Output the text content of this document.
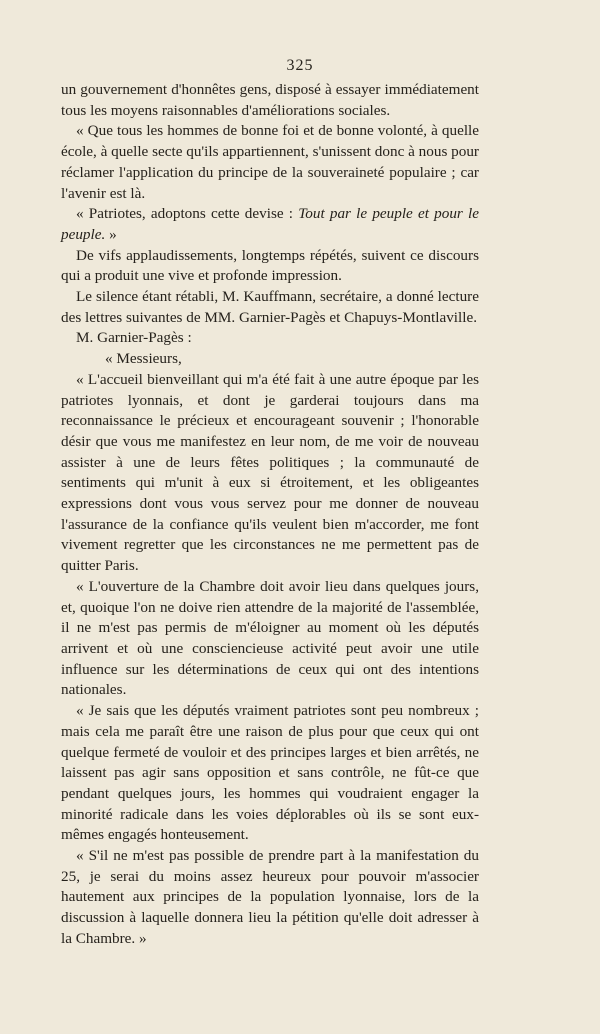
325

un gouvernement d'honnêtes gens, disposé à essayer immédiatement tous les moyens raisonnables d'améliorations sociales.

« Que tous les hommes de bonne foi et de bonne volonté, à quelle école, à quelle secte qu'ils appartiennent, s'unissent donc à nous pour réclamer l'application du principe de la souveraineté populaire ; car l'avenir est là.

« Patriotes, adoptons cette devise : Tout par le peuple et pour le peuple. »

De vifs applaudissements, longtemps répétés, suivent ce discours qui a produit une vive et profonde impression.

Le silence étant rétabli, M. Kauffmann, secrétaire, a donné lecture des lettres suivantes de MM. Garnier-Pagès et Chapuys-Montlaville.

M. Garnier-Pagès :

« Messieurs,

« L'accueil bienveillant qui m'a été fait à une autre époque par les patriotes lyonnais, et dont je garderai toujours dans ma reconnaissance le précieux et encourageant souvenir ; l'honorable désir que vous me manifestez en leur nom, de me voir de nouveau assister à une de leurs fêtes politiques ; la communauté de sentiments qui m'unit à eux si étroitement, et les obligeantes expressions dont vous vous servez pour me donner de nouveau l'assurance de la confiance qu'ils veulent bien m'accorder, me font vivement regretter que les circonstances ne me permettent pas de quitter Paris.

« L'ouverture de la Chambre doit avoir lieu dans quelques jours, et, quoique l'on ne doive rien attendre de la majorité de l'assemblée, il ne m'est pas permis de m'éloigner au moment où les députés arrivent et où une consciencieuse activité peut avoir une utile influence sur les déterminations de ceux qui ont des intentions nationales.

« Je sais que les députés vraiment patriotes sont peu nombreux ; mais cela me paraît être une raison de plus pour que ceux qui ont quelque fermeté de vouloir et des principes larges et bien arrêtés, ne laissent pas agir sans opposition et sans contrôle, ne fût-ce que pendant quelques jours, les hommes qui voudraient engager la minorité radicale dans les voies déplorables où ils se sont eux-mêmes engagés honteusement.

« S'il ne m'est pas possible de prendre part à la manifestation du 25, je serai du moins assez heureux pour pouvoir m'associer hautement aux principes de la population lyonnaise, lors de la discussion à laquelle donnera lieu la pétition qu'elle doit adresser à la Chambre. »
